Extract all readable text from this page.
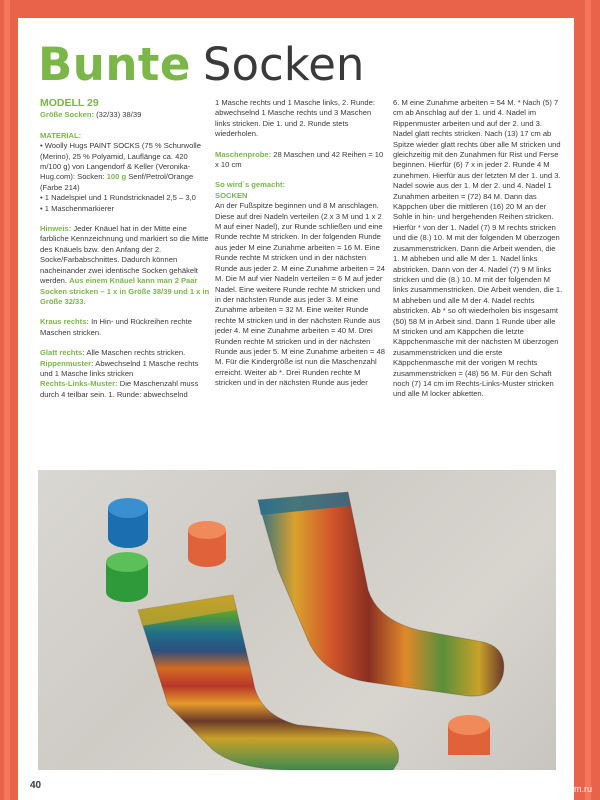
Bunte Socken
MODELL 29

Größe Socken: (32/33) 38/39

MATERIAL:

• Woolly Hugs PAINT SOCKS (75 % Schurwolle (Merino), 25 % Polyamid, Lauflänge ca. 420 m/100 g) von Langendorf & Keller (Veronika-Hug.com): Socken: 100 g Senf/Petrol/Orange (Farbe 214)

• 1 Nadelspiel und 1 Rundstricknadel 2,5 – 3,0

• 1 Maschenmarkierer

Hinweis: Jeder Knäuel hat in der Mitte eine farbliche Kennzeichnung und markiert so die Mitte des Knäuels bzw. den Anfang der 2. Socke/Farbabschnittes. Dadurch können nacheinander zwei identische Socken gehäkelt werden. Aus einem Knäuel kann man 2 Paar Socken stricken – 1 x in Größe 38/39 und 1 x in Größe 32/33.

Kraus rechts: In Hin- und Rückreihen rechte Maschen stricken.

Glatt rechts: Alle Maschen rechts stricken.

Rippenmuster: Abwechselnd 1 Masche rechts und 1 Masche links stricken

Rechts-Links-Muster: Die Maschenzahl muss durch 4 teilbar sein. 1. Runde: abwechselnd

1 Masche rechts und 1 Masche links, 2. Runde: abwechselnd 1 Masche rechts und 3 Maschen links stricken. Die 1. und 2. Runde stets wiederholen.

Maschenprobe: 28 Maschen und 42 Reihen = 10 x 10 cm

So wird´s gemacht:
SOCKEN

An der Fußspitze beginnen und 8 M anschlagen. Diese auf drei Nadeln verteilen (2 x 3 M und 1 x 2 M auf einer Nadel), zur Runde schließen und eine Runde rechte M stricken. In der folgenden Runde aus jeder M eine Zunahme arbeiten = 16 M. Eine Runde rechte M stricken und in der nächsten Runde aus jeder 2. M eine Zunahme arbeiten = 24 M. Die M auf vier Nadeln verteilen = 6 M auf jeder Nadel. Eine weitere Runde rechte M stricken und in der nächsten Runde aus jeder 3. M eine Zunahme arbeiten = 32 M. Eine weiter Runde rechte M stricken und in der nächsten Runde aus jeder 4. M eine Zunahme arbeiten = 40 M. Drei Runden rechte M stricken und in der nächsten Runde aus jeder 5. M eine Zunahme arbeiten = 48 M. Für die Kindergröße ist nun die Maschenzahl erreicht. Weiter ab *. Drei Runden rechte M stricken und in der nächsten Runde aus jeder

6. M eine Zunahme arbeiten = 54 M. * Nach (5) 7 cm ab Anschlag auf der 1. und 4. Nadel im Rippenmuster arbeiten und auf der 2. und 3. Nadel glatt rechts stricken. Nach (13) 17 cm ab Spitze wieder glatt rechts über alle M stricken und gleichzeitig mit den Zunahmen für Rist und Ferse beginnen. Hierfür (6) 7 x in jeder 2. Runde 4 M zunehmen. Hierfür aus der letzten M der 1. und 3. Nadel sowie aus der 1. M der 2. und 4. Nadel 1 Zunahmen arbeiten = (72) 84 M. Dann das Käppchen über die mittleren (16) 20 M an der Sohle in hin- und hergehenden Reihen stricken. Hierfür * von der 1. Nadel (7) 9 M rechts stricken und die (8.) 10. M mit der folgenden M überzogen zusammenstricken. Dann die Arbeit wenden, die 1. M abheben und alle M der 1. Nadel links abstricken. Dann von der 4. Nadel (7) 9 M links stricken und die (8.) 10. M mit der folgenden M links zusammenstricken. Die Arbeit wenden, die 1. M abheben und alle M der 4. Nadel rechts abstricken. Ab * so oft wiederholen bis insgesamt (50) 58 M in Arbeit sind. Dann 1 Runde über alle M stricken und am Käppchen die letzte Käppchenmasche mit der nächsten M überzogen zusammenstricken und die erste Käppchenmasche mit der vorigen M rechts zusammenstricken = (48) 56 M. Für den Schaft noch (7) 14 cm im Rechts-Links-Muster stricken und alle M locker abketten.

40	PassionForum.ru
